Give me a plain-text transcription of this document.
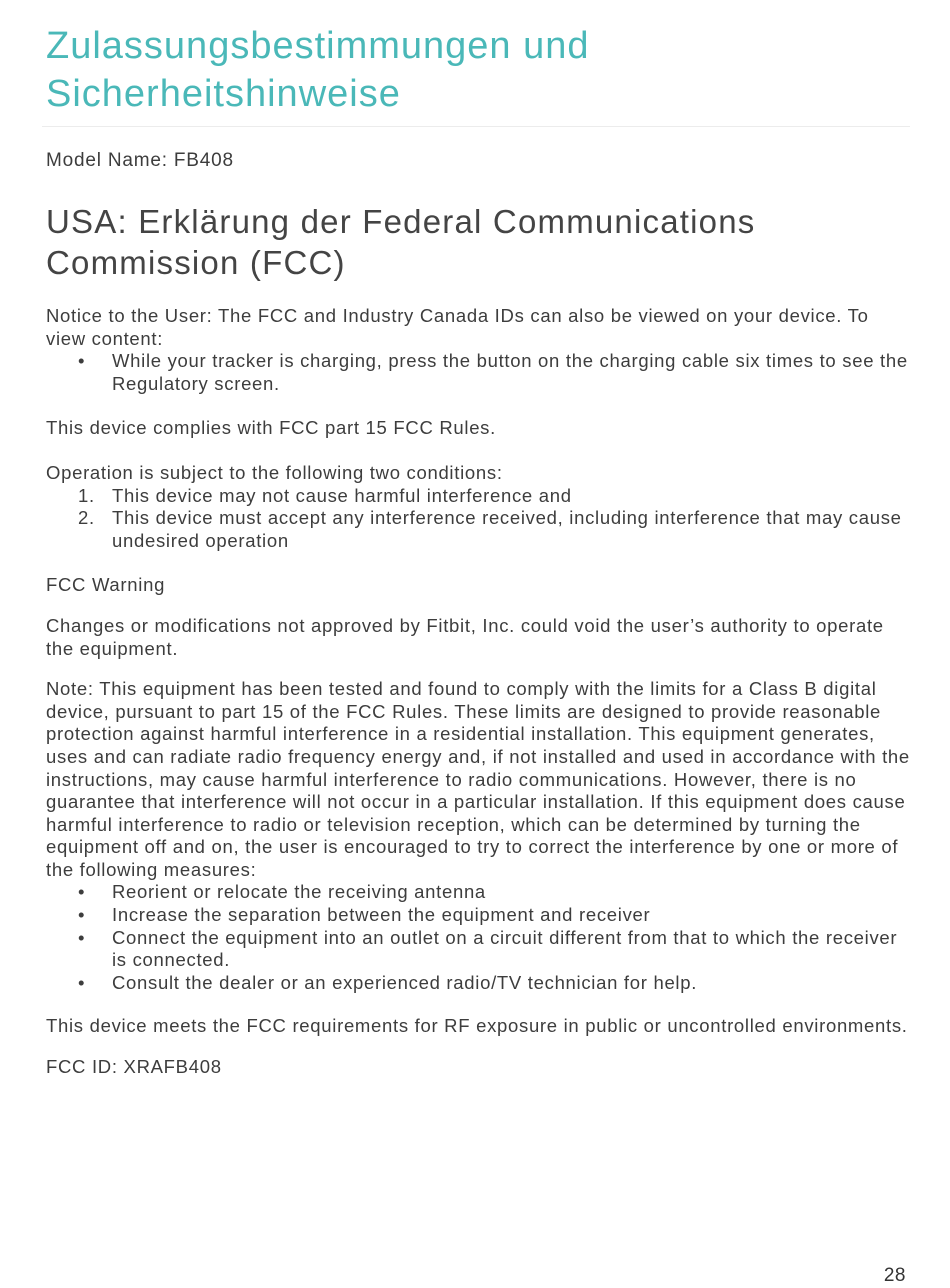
Zulassungsbestimmungen und
Sicherheitshinweise

Model Name: FB408

USA: Erklärung der Federal Communications
Commission (FCC)

Notice to the User: The FCC and Industry Canada IDs can also be viewed on your device. To view content:

• While your tracker is charging, press the button on the charging cable six times to see the Regulatory screen.

This device complies with FCC part 15 FCC Rules.

Operation is subject to the following two conditions:

1. This device may not cause harmful interference and
2. This device must accept any interference received, including interference that may cause undesired operation

FCC Warning

Changes or modifications not approved by Fitbit, Inc. could void the user’s authority to operate the equipment.

Note: This equipment has been tested and found to comply with the limits for a Class B digital device, pursuant to part 15 of the FCC Rules. These limits are designed to provide reasonable protection against harmful interference in a residential installation. This equipment generates, uses and can radiate radio frequency energy and, if not installed and used in accordance with the instructions, may cause harmful interference to radio communications. However, there is no guarantee that interference will not occur in a particular installation. If this equipment does cause harmful interference to radio or television reception, which can be determined by turning the equipment off and on, the user is encouraged to try to correct the interference by one or more of the following measures:

• Reorient or relocate the receiving antenna
• Increase the separation between the equipment and receiver
• Connect the equipment into an outlet on a circuit different from that to which the receiver is connected.
• Consult the dealer or an experienced radio/TV technician for help.

This device meets the FCC requirements for RF exposure in public or uncontrolled environments.

FCC ID: XRAFB408

28
